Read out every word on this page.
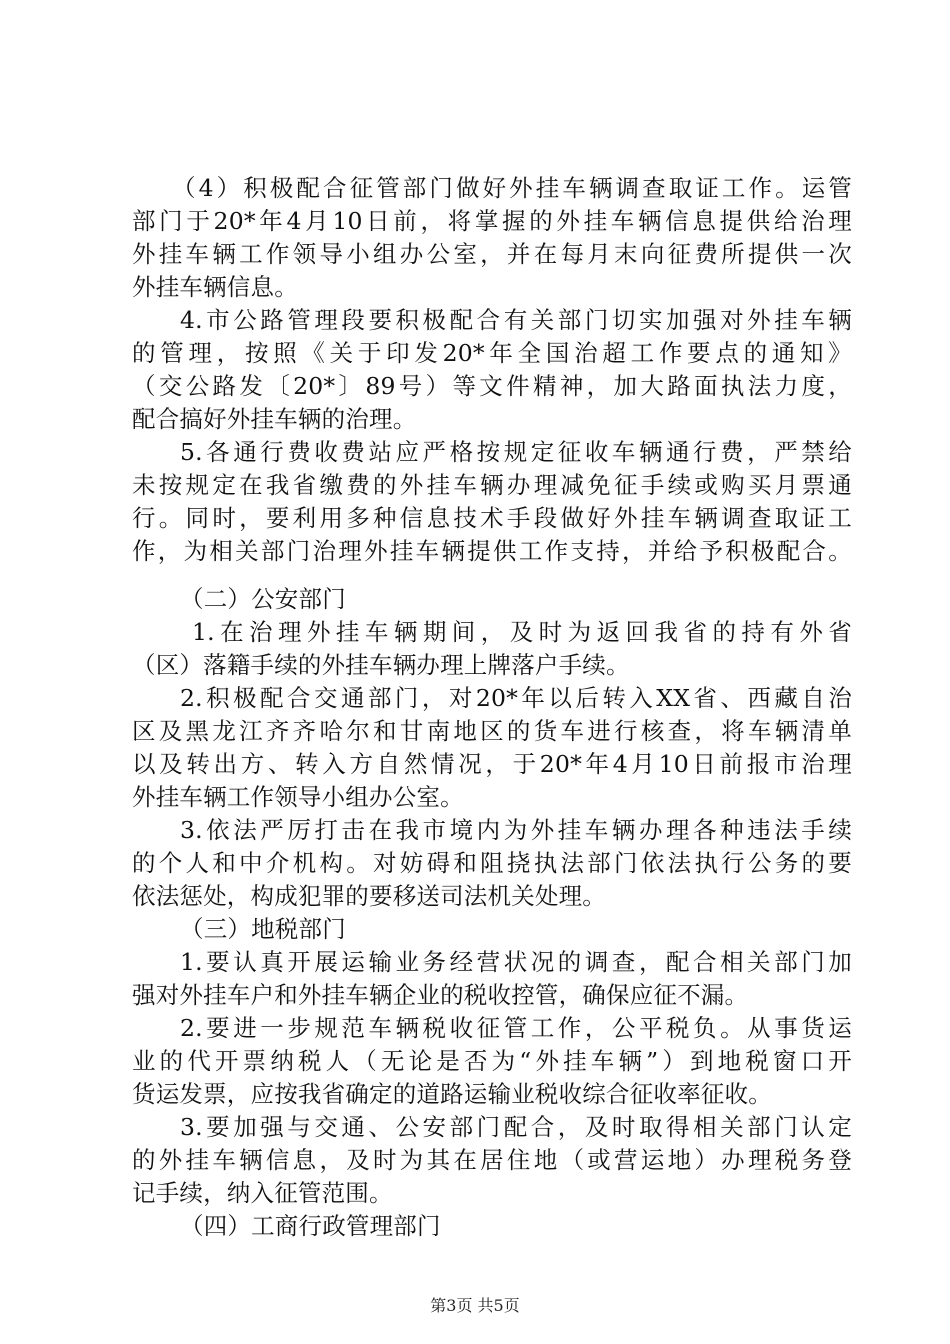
（4）积极配合征管部门做好外挂车辆调查取证工作。运管
部门于20*年4月10日前，将掌握的外挂车辆信息提供给治理
外挂车辆工作领导小组办公室，并在每月末向征费所提供一次
外挂车辆信息。
4.市公路管理段要积极配合有关部门切实加强对外挂车辆
的管理，按照《关于印发20*年全国治超工作要点的通知》
（交公路发〔20*〕89号）等文件精神，加大路面执法力度，
配合搞好外挂车辆的治理。
5.各通行费收费站应严格按规定征收车辆通行费，严禁给
未按规定在我省缴费的外挂车辆办理减免征手续或购买月票通
行。同时，要利用多种信息技术手段做好外挂车辆调查取证工
作，为相关部门治理外挂车辆提供工作支持，并给予积极配合。
（二）公安部门
1.在治理外挂车辆期间，及时为返回我省的持有外省
（区）落籍手续的外挂车辆办理上牌落户手续。
2.积极配合交通部门，对20*年以后转入XX省、西藏自治
区及黑龙江齐齐哈尔和甘南地区的货车进行核查，将车辆清单
以及转出方、转入方自然情况，于20*年4月10日前报市治理
外挂车辆工作领导小组办公室。
3.依法严厉打击在我市境内为外挂车辆办理各种违法手续
的个人和中介机构。对妨碍和阻挠执法部门依法执行公务的要
依法惩处，构成犯罪的要移送司法机关处理。
（三）地税部门
1.要认真开展运输业务经营状况的调查，配合相关部门加
强对外挂车户和外挂车辆企业的税收控管，确保应征不漏。
2.要进一步规范车辆税收征管工作，公平税负。从事货运
业的代开票纳税人（无论是否为“外挂车辆”）到地税窗口开
货运发票，应按我省确定的道路运输业税收综合征收率征收。
3.要加强与交通、公安部门配合，及时取得相关部门认定
的外挂车辆信息，及时为其在居住地（或营运地）办理税务登
记手续，纳入征管范围。
（四）工商行政管理部门
第3页 共5页
